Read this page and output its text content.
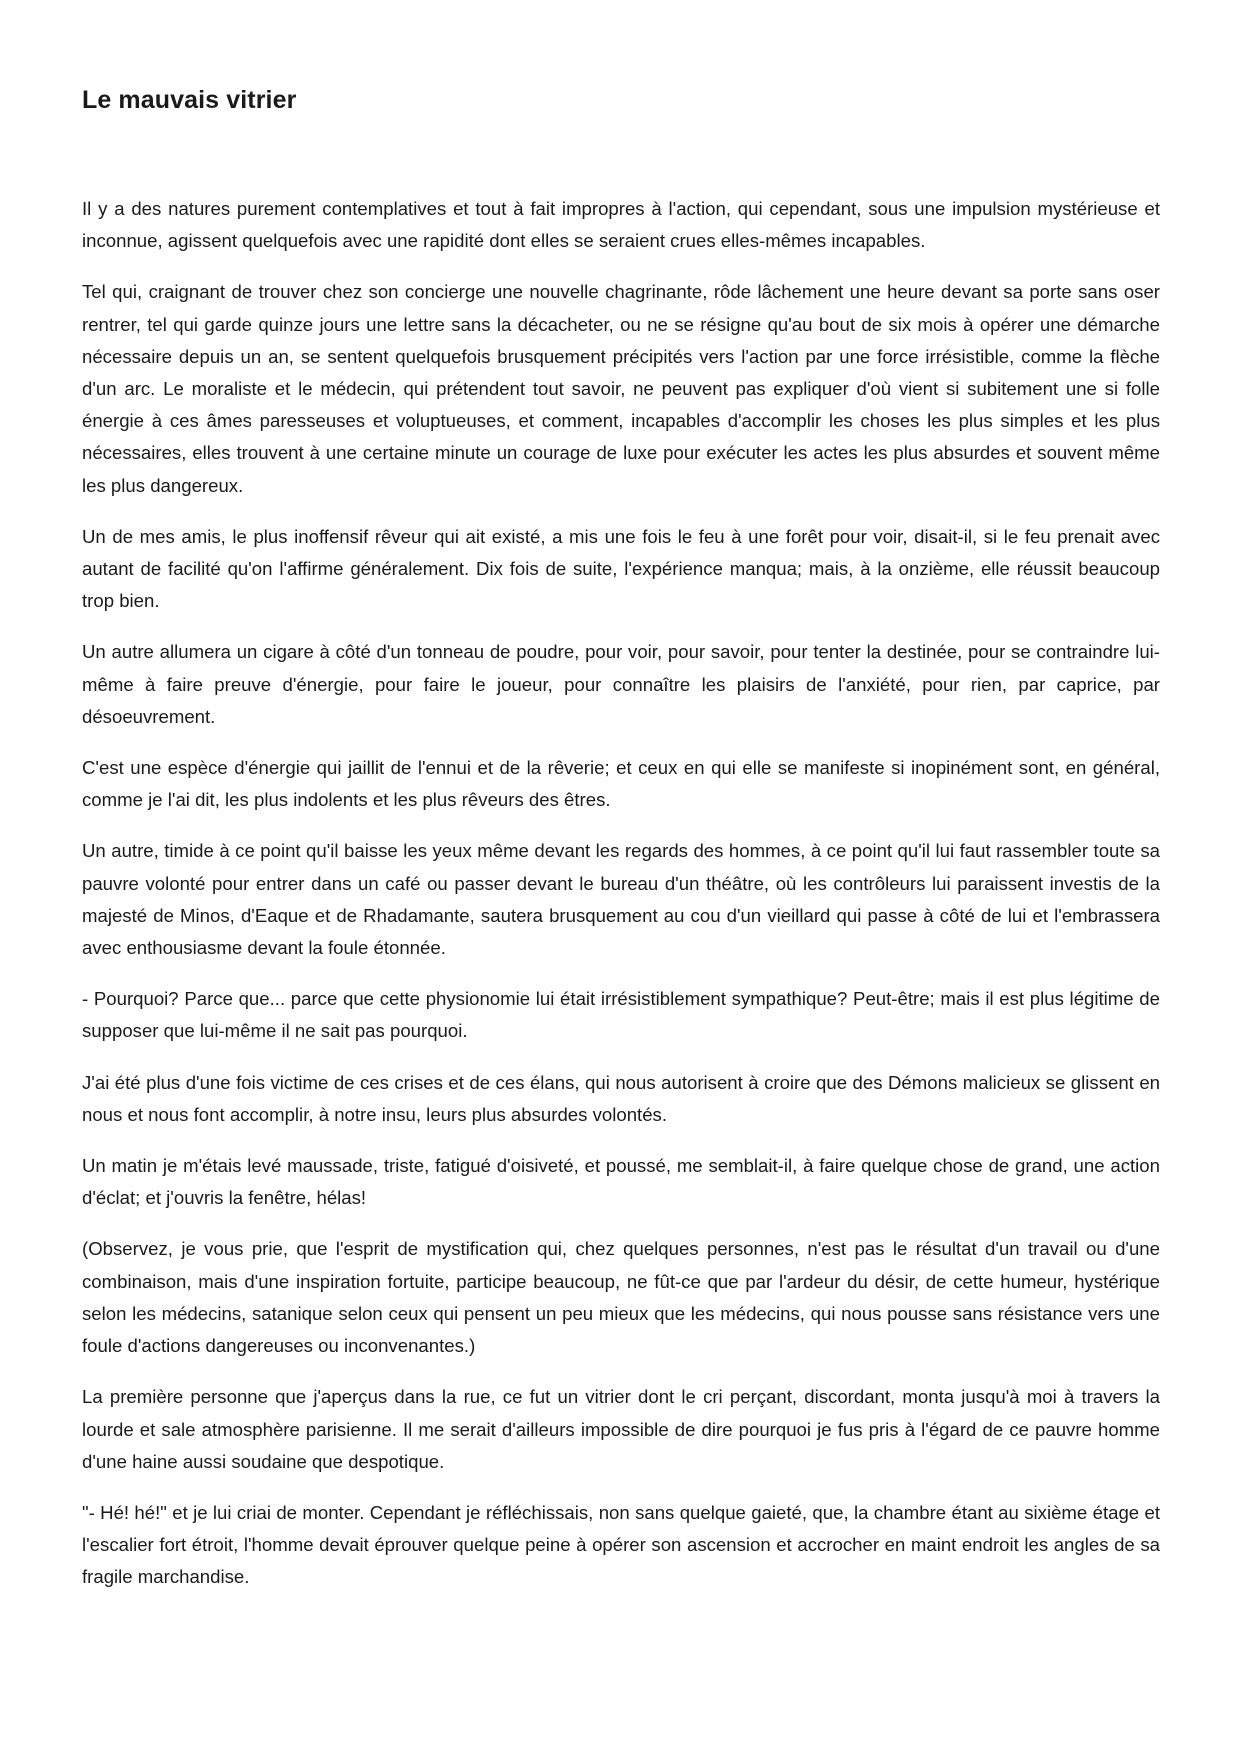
Le mauvais vitrier

Il y a des natures purement contemplatives et tout à fait impropres à l'action, qui cependant, sous une impulsion mystérieuse et inconnue, agissent quelquefois avec une rapidité dont elles se seraient crues elles-mêmes incapables.

Tel qui, craignant de trouver chez son concierge une nouvelle chagrinante, rôde lâchement une heure devant sa porte sans oser rentrer, tel qui garde quinze jours une lettre sans la décacheter, ou ne se résigne qu'au bout de six mois à opérer une démarche nécessaire depuis un an, se sentent quelquefois brusquement précipités vers l'action par une force irrésistible, comme la flèche d'un arc. Le moraliste et le médecin, qui prétendent tout savoir, ne peuvent pas expliquer d'où vient si subitement une si folle énergie à ces âmes paresseuses et voluptueuses, et comment, incapables d'accomplir les choses les plus simples et les plus nécessaires, elles trouvent à une certaine minute un courage de luxe pour exécuter les actes les plus absurdes et souvent même les plus dangereux.

Un de mes amis, le plus inoffensif rêveur qui ait existé, a mis une fois le feu à une forêt pour voir, disait-il, si le feu prenait avec autant de facilité qu'on l'affirme généralement. Dix fois de suite, l'expérience manqua; mais, à la onzième, elle réussit beaucoup trop bien.

Un autre allumera un cigare à côté d'un tonneau de poudre, pour voir, pour savoir, pour tenter la destinée, pour se contraindre lui-même à faire preuve d'énergie, pour faire le joueur, pour connaître les plaisirs de l'anxiété, pour rien, par caprice, par désoeuvrement.

C'est une espèce d'énergie qui jaillit de l'ennui et de la rêverie; et ceux en qui elle se manifeste si inopinément sont, en général, comme je l'ai dit, les plus indolents et les plus rêveurs des êtres.

Un autre, timide à ce point qu'il baisse les yeux même devant les regards des hommes, à ce point qu'il lui faut rassembler toute sa pauvre volonté pour entrer dans un café ou passer devant le bureau d'un théâtre, où les contrôleurs lui paraissent investis de la majesté de Minos, d'Eaque et de Rhadamante, sautera brusquement au cou d'un vieillard qui passe à côté de lui et l'embrassera avec enthousiasme devant la foule étonnée.

- Pourquoi? Parce que... parce que cette physionomie lui était irrésistiblement sympathique? Peut-être; mais il est plus légitime de supposer que lui-même il ne sait pas pourquoi.

J'ai été plus d'une fois victime de ces crises et de ces élans, qui nous autorisent à croire que des Démons malicieux se glissent en nous et nous font accomplir, à notre insu, leurs plus absurdes volontés.

Un matin je m'étais levé maussade, triste, fatigué d'oisiveté, et poussé, me semblait-il, à faire quelque chose de grand, une action d'éclat; et j'ouvris la fenêtre, hélas!

(Observez, je vous prie, que l'esprit de mystification qui, chez quelques personnes, n'est pas le résultat d'un travail ou d'une combinaison, mais d'une inspiration fortuite, participe beaucoup, ne fût-ce que par l'ardeur du désir, de cette humeur, hystérique selon les médecins, satanique selon ceux qui pensent un peu mieux que les médecins, qui nous pousse sans résistance vers une foule d'actions dangereuses ou inconvenantes.)

La première personne que j'aperçus dans la rue, ce fut un vitrier dont le cri perçant, discordant, monta jusqu'à moi à travers la lourde et sale atmosphère parisienne. Il me serait d'ailleurs impossible de dire pourquoi je fus pris à l'égard de ce pauvre homme d'une haine aussi soudaine que despotique.

"- Hé! hé!" et je lui criai de monter. Cependant je réfléchissais, non sans quelque gaieté, que, la chambre étant au sixième étage et l'escalier fort étroit, l'homme devait éprouver quelque peine à opérer son ascension et accrocher en maint endroit les angles de sa fragile marchandise.
